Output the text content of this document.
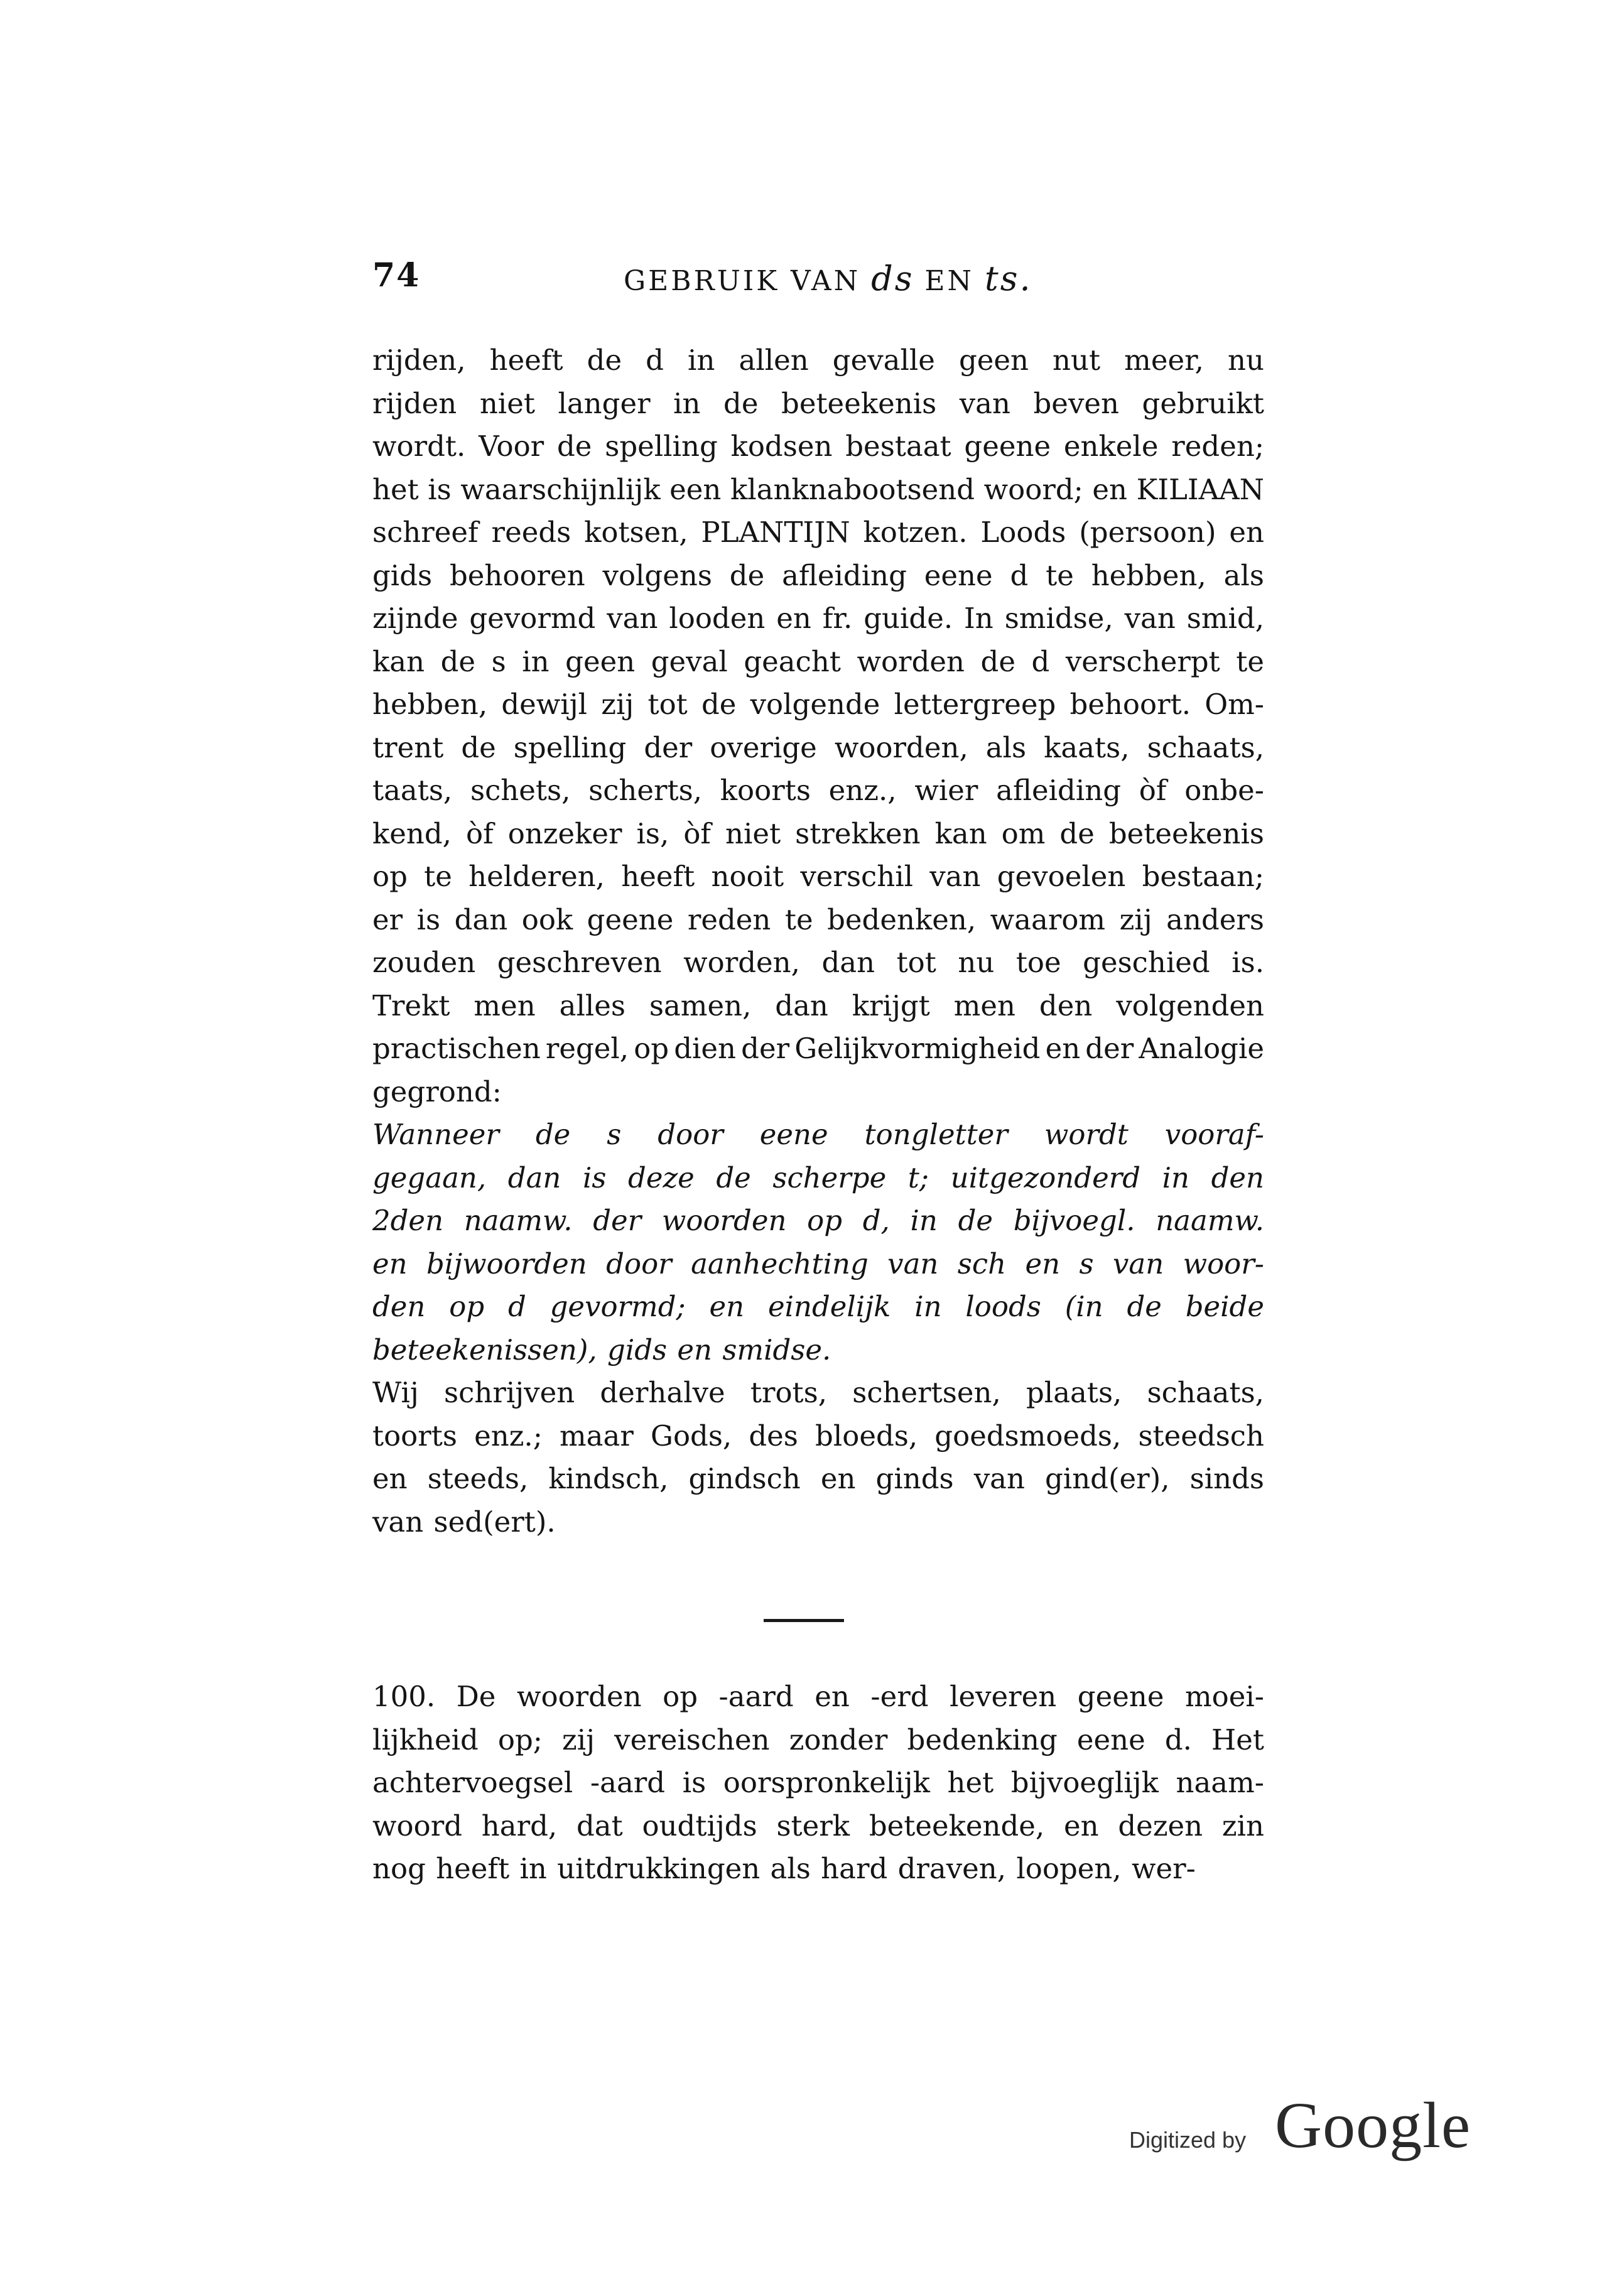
74	GEBRUIK VAN ds EN ts.
rijden, heeft de d in allen gevalle geen nut meer, nu
rijden niet langer in de beteekenis van beven gebruikt
wordt. Voor de spelling kodsen bestaat geene enkele reden;
het is waarschijnlijk een klanknabootsend woord; en KILIAAN
schreef reeds kotsen, PLANTIJN kotzen. Loods (persoon) en
gids behooren volgens de afleiding eene d te hebben, als
zijnde gevormd van looden en fr. guide. In smidse, van smid,
kan de s in geen geval geacht worden de d verscherpt te
hebben, dewijl zij tot de volgende lettergreep behoort. Om-
trent de spelling der overige woorden, als kaats, schaats,
taats, schets, scherts, koorts enz., wier afleiding òf onbe-
kend, òf onzeker is, òf niet strekken kan om de beteekenis
op te helderen, heeft nooit verschil van gevoelen bestaan;
er is dan ook geene reden te bedenken, waarom zij anders
zouden geschreven worden, dan tot nu toe geschied is.
Trekt men alles samen, dan krijgt men den volgenden
practischen regel, op dien der Gelijkvormigheid en der Analogie
gegrond:
Wanneer de s door eene tongletter wordt vooraf-
gegaan, dan is deze de scherpe t; uitgezonderd in den
2den naamw. der woorden op d, in de bijvoegl. naamw.
en bijwoorden door aanhechting van sch en s van woor-
den op d gevormd; en eindelijk in loods (in de beide
beteekenissen), gids en smidse.
Wij schrijven derhalve trots, schertsen, plaats, schaats,
toorts enz.; maar Gods, des bloeds, goedsmoeds, steedsch
en steeds, kindsch, gindsch en ginds van gind(er), sinds
van sed(ert).
100. De woorden op -aard en -erd leveren geene moei-
lijkheid op; zij vereischen zonder bedenking eene d. Het
achtervoegsel -aard is oorspronkelijk het bijvoeglijk naam-
woord hard, dat oudtijds sterk beteekende, en dezen zin
nog heeft in uitdrukkingen als hard draven, loopen, wer-
Digitized by Google
